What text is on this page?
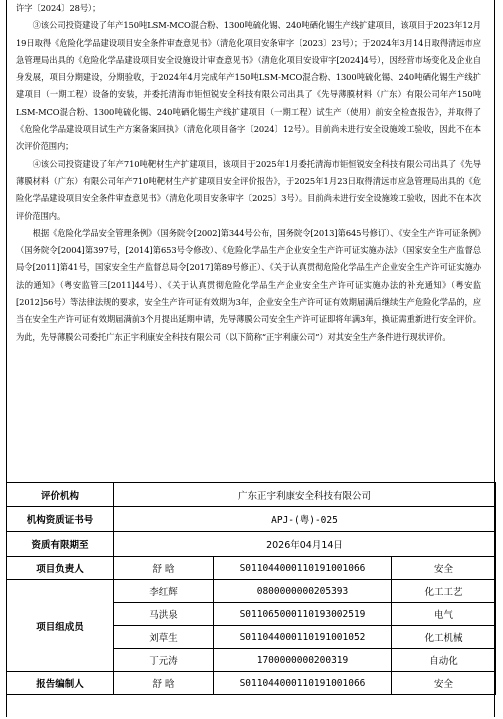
许字〔2024〕28号）；

③该公司投资建设了年产150吨LSM-MCO混合粉、1300吨硫化锡、240吨硒化锡生产线扩建项目，该项目于2023年12月19日取得《危险化学品建设项目安全条件审查意见书》（清危化项目安条审字〔2023〕23号）；于2024年3月14日取得清远市应急管理局出具的《危险化学品建设项目安全设施设计审查意见书》（清危化项目安设审字[2024]4号），因经营市场变化及企业自身发展，项目分期建设，分期验收，于2024年4月完成年产150吨LSM-MCO混合粉、1300吨硫化锡、240吨硒化锡生产线扩建项目（一期工程）设备的安装，并委托清海市钜恒锐安全科技有限公司出具了《先导薄膜材料（广东）有限公司年产150吨LSM-MCO混合粉、1300吨硫化锡、240吨硒化锡生产线扩建项目（一期工程）试生产（使用）前安全检查报告》，并取得了《危险化学品建设项目试生产方案备案回执》（清危化项目备字〔2024〕12号）。目前尚未进行安全设施竣工验收，因此不在本次评价范围内；

④该公司投资建设了年产710吨靶材生产扩建项目，该项目于2025年1月委托清海市钜恒锐安全科技有限公司出具了《先导薄膜材料（广东）有限公司年产710吨靶材生产扩建项目安全评价报告》，于2025年1月23日取得清远市应急管理局出具的《危险化学品建设项目安全条件审查意见书》（清危化项目安条审字〔2025〕3号）。目前尚未进行安全设施竣工验收，因此不在本次评价范围内。

根据《危险化学品安全管理条例》（国务院令[2002]第344号公布，国务院令[2013]第645号修订）、《安全生产许可证条例》（国务院令[2004]第397号，[2014]第653号令修改）、《危险化学品生产企业安全生产许可证实施办法》（国家安全生产监督总局令[2011]第41号，国家安全生产监督总局令[2017]第89号修正）、《关于认真贯彻危险化学品生产企业安全生产许可证实施办法的通知》（粤安监管三[2011]44号）、《关于认真贯彻危险化学品生产企业安全生产许可证实施办法的补充通知》（粤安监[2012]56号）等法律法规的要求，安全生产许可证有效期为3年，企业安全生产许可证有效期届满后继续生产危险化学品的，应当在安全生产许可证有效期届满前3个月提出延期申请，先导薄膜公司安全生产许可证即将年满3年，换证需重新进行安全评价。为此，先导薄膜公司委托广东正宇利康安全科技有限公司（以下简称“正宇利康公司”）对其安全生产条件进行现状评价。

评价机构	广东正宇利康安全科技有限公司		
机构资质证书号	APJ-(粤)-025		
资质有限期至	2026年04月14日		
项目负责人	舒 晗	S011044000110191001066	安全
项目组成员	李红辉	0800000000205393	化工工艺
	马洪泉	S011065000110193002519	电气
	刘草生	S011044000110191001052	化工机械
	丁元涛	1700000000200319	自动化
报告编制人	舒 晗	S011044000110191001066	安全
